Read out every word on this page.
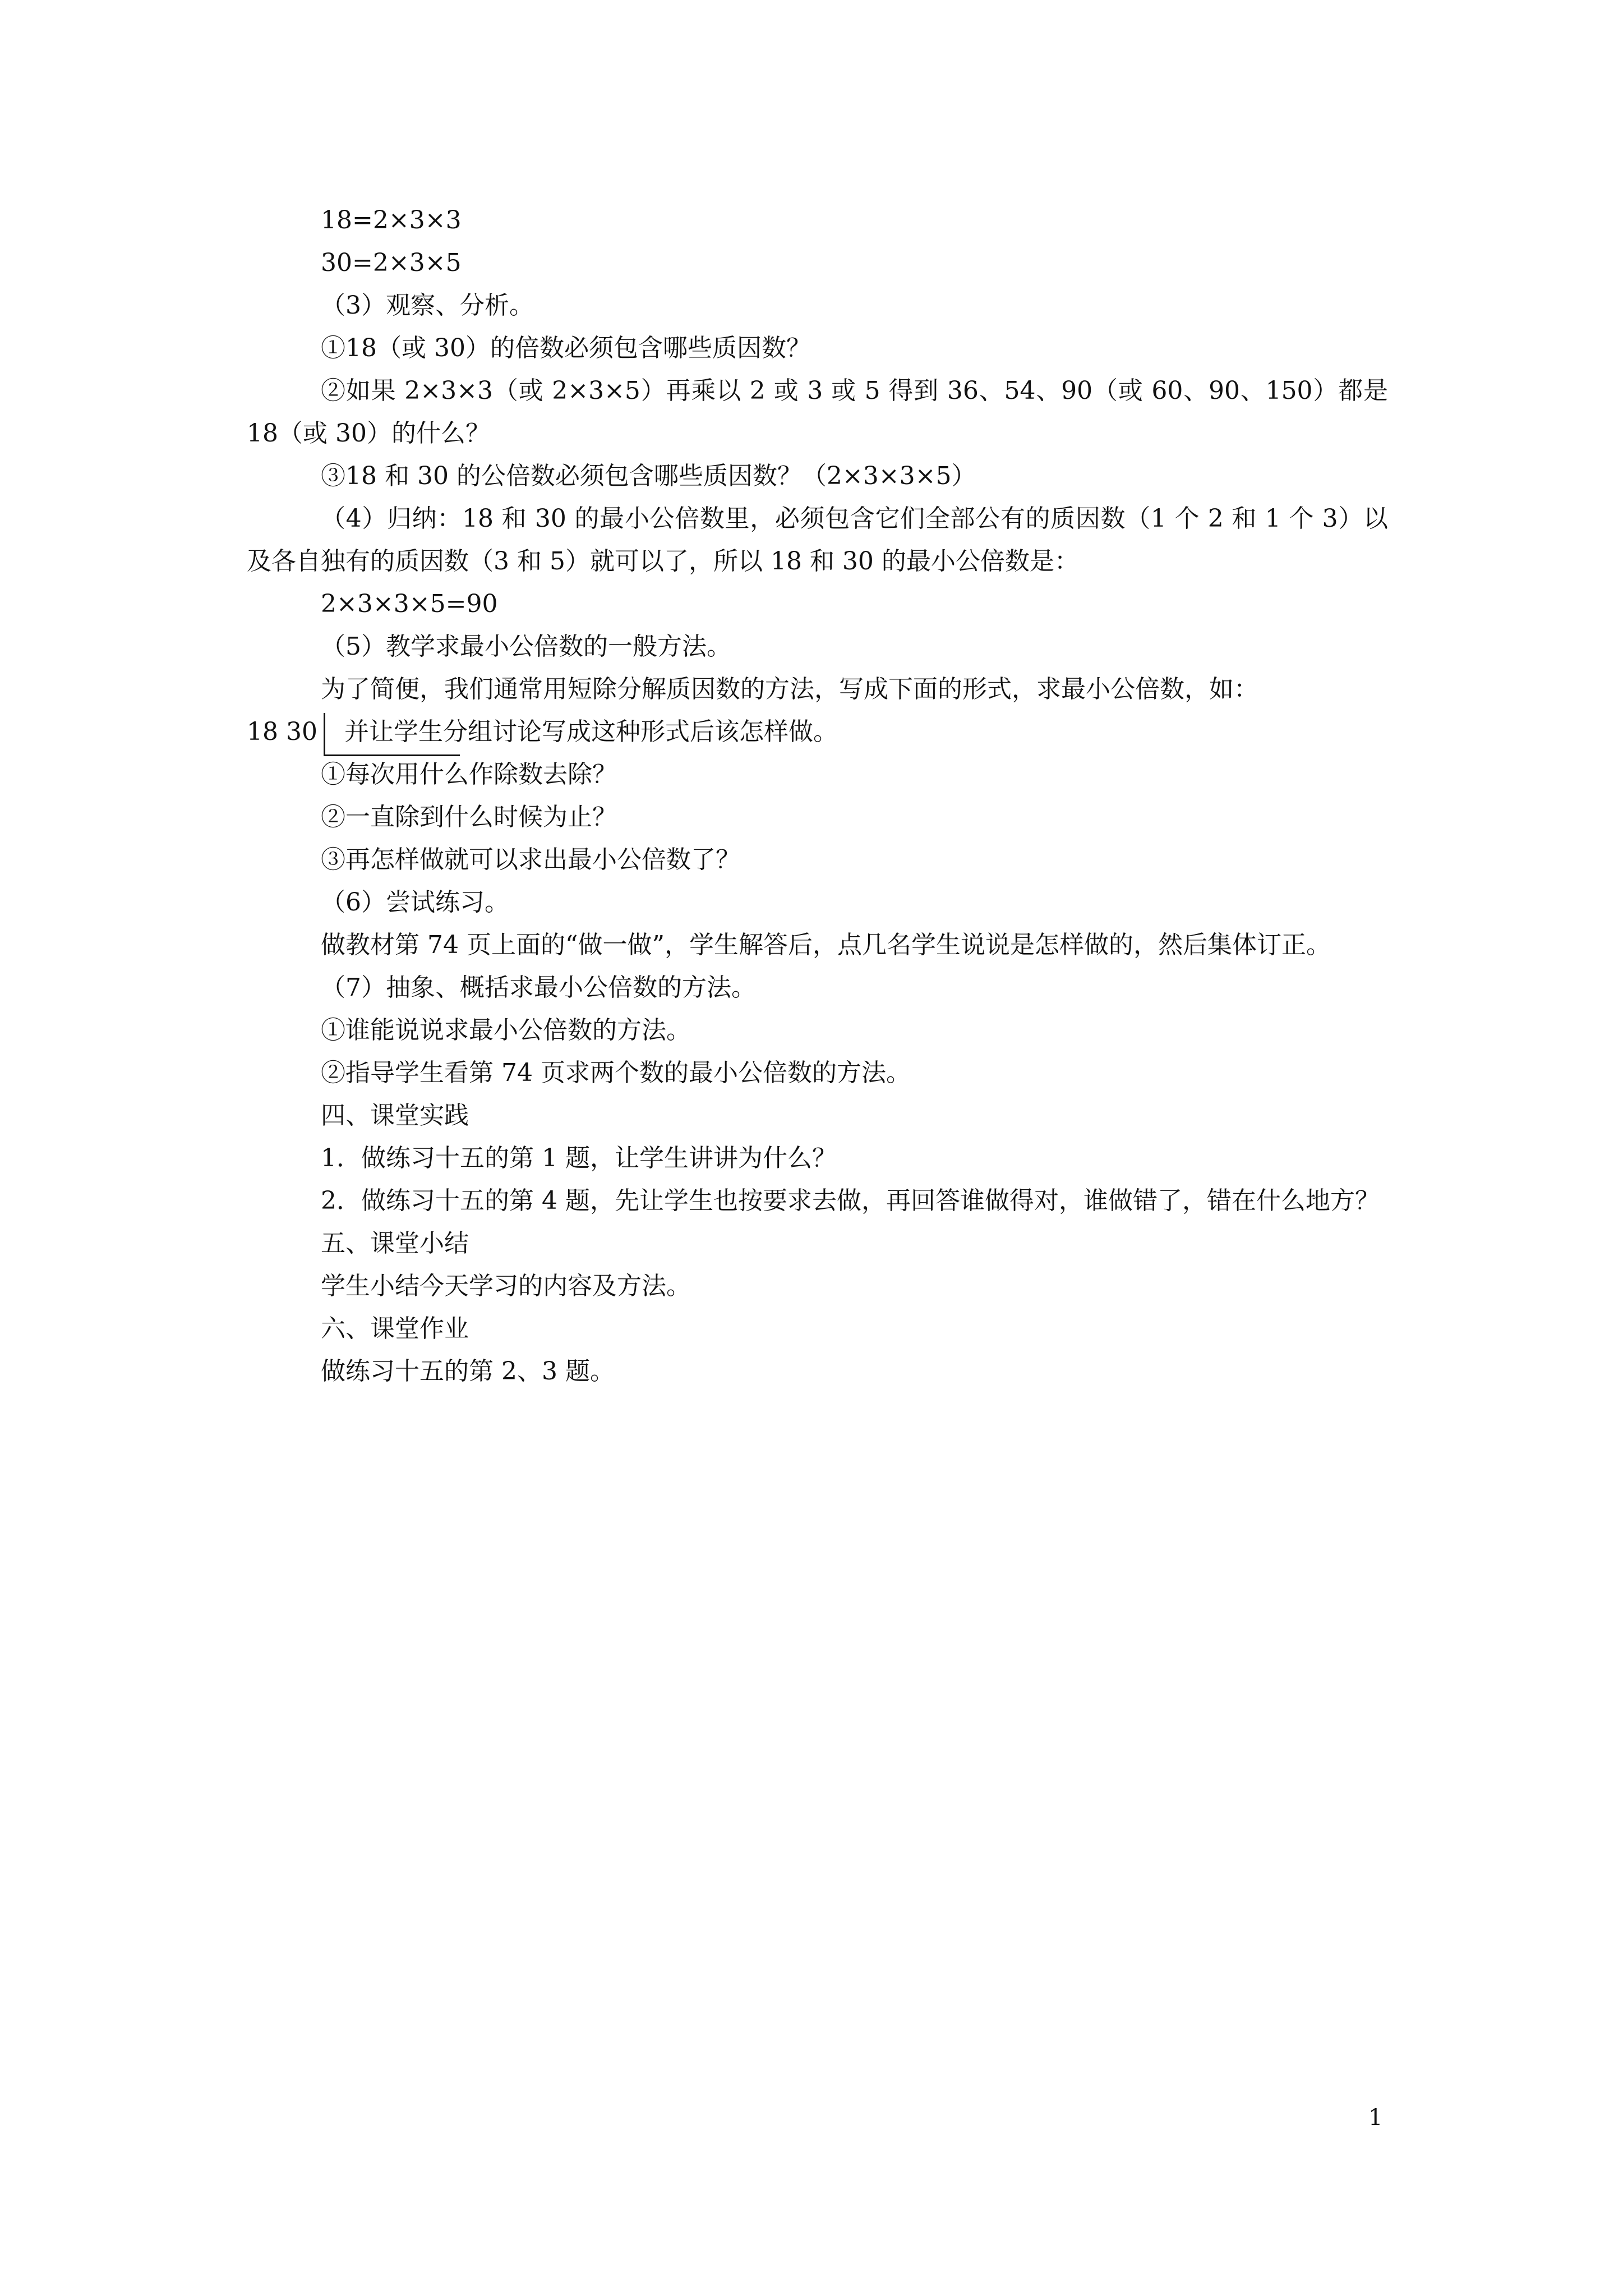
18=2×3×3

30=2×3×5

（3）观察、分析。

①18（或 30）的倍数必须包含哪些质因数？

②如果 2×3×3（或 2×3×5）再乘以 2 或 3 或 5 得到 36、54、90（或 60、90、150）都是 18（或 30）的什么？

③18 和 30 的公倍数必须包含哪些质因数？（2×3×3×5）

（4）归纳：18 和 30 的最小公倍数里，必须包含它们全部公有的质因数（1 个 2 和 1 个 3）以及各自独有的质因数（3 和 5）就可以了，所以 18 和 30 的最小公倍数是：

2×3×3×5=90

（5）教学求最小公倍数的一般方法。

为了简便，我们通常用短除分解质因数的方法，写成下面的形式，求最小公倍数，如：

18 30 并让学生分组讨论写成这种形式后该怎样做。

①每次用什么作除数去除？

②一直除到什么时候为止？

③再怎样做就可以求出最小公倍数了？

（6）尝试练习。

做教材第 74 页上面的“做一做”，学生解答后，点几名学生说说是怎样做的，然后集体订正。

（7）抽象、概括求最小公倍数的方法。

①谁能说说求最小公倍数的方法。

②指导学生看第 74 页求两个数的最小公倍数的方法。

四、课堂实践

1．做练习十五的第 1 题，让学生讲讲为什么？

2．做练习十五的第 4 题，先让学生也按要求去做，再回答谁做得对，谁做错了，错在什么地方？

五、课堂小结

学生小结今天学习的内容及方法。

六、课堂作业

做练习十五的第 2、3 题。

1
